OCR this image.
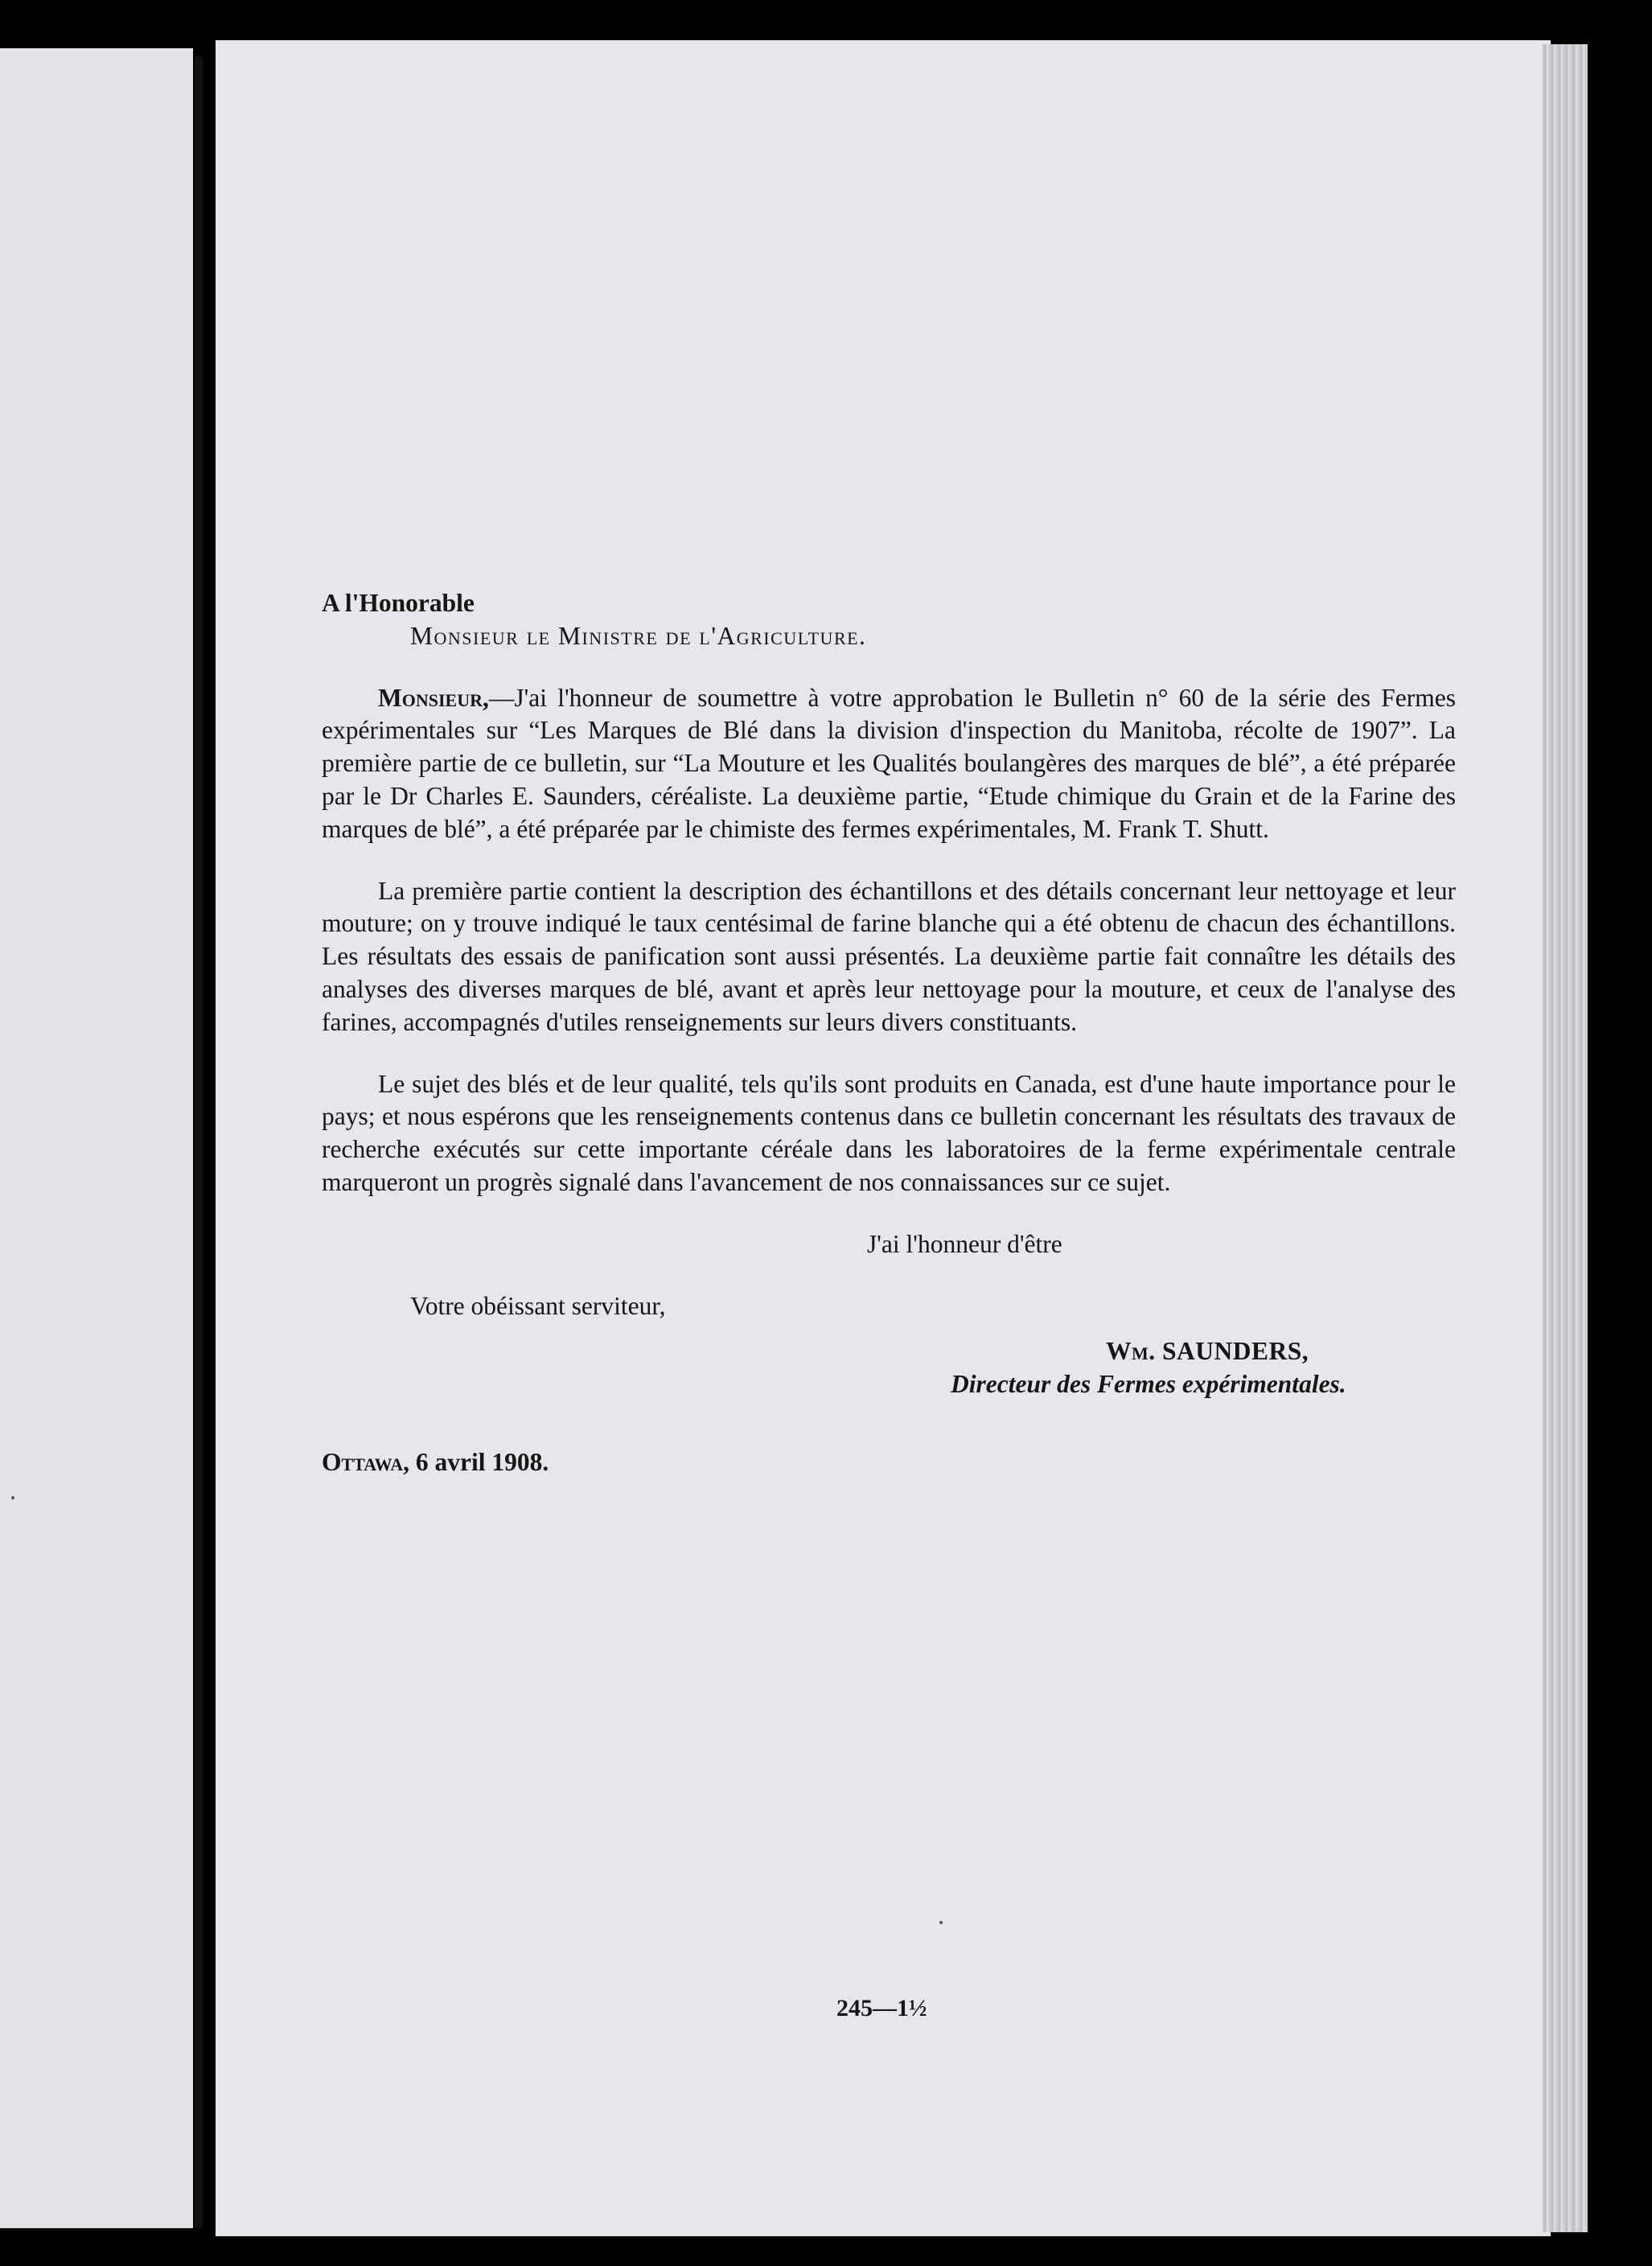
A l'Honorable

Monsieur le Ministre de l'Agriculture.

Monsieur,—J'ai l'honneur de soumettre à votre approbation le Bulletin n° 60 de la série des Fermes expérimentales sur “Les Marques de Blé dans la division d'inspection du Manitoba, récolte de 1907”. La première partie de ce bulletin, sur “La Mouture et les Qualités boulangères des marques de blé”, a été préparée par le Dr Charles E. Saunders, céréaliste. La deuxième partie, “Etude chimique du Grain et de la Farine des marques de blé”, a été préparée par le chimiste des fermes expérimentales, M. Frank T. Shutt.

La première partie contient la description des échantillons et des détails concernant leur nettoyage et leur mouture; on y trouve indiqué le taux centésimal de farine blanche qui a été obtenu de chacun des échantillons. Les résultats des essais de panification sont aussi présentés. La deuxième partie fait connaître les détails des analyses des diverses marques de blé, avant et après leur nettoyage pour la mouture, et ceux de l'analyse des farines, accompagnés d'utiles renseignements sur leurs divers constituants.

Le sujet des blés et de leur qualité, tels qu'ils sont produits en Canada, est d'une haute importance pour le pays; et nous espérons que les renseignements contenus dans ce bulletin concernant les résultats des travaux de recherche exécutés sur cette importante céréale dans les laboratoires de la ferme expérimentale centrale marqueront un progrès signalé dans l'avancement de nos connaissances sur ce sujet.

J'ai l'honneur d'être
Votre obéissant serviteur,
Wm. SAUNDERS,
Directeur des Fermes expérimentales.
Ottawa, 6 avril 1908.
245—1½
